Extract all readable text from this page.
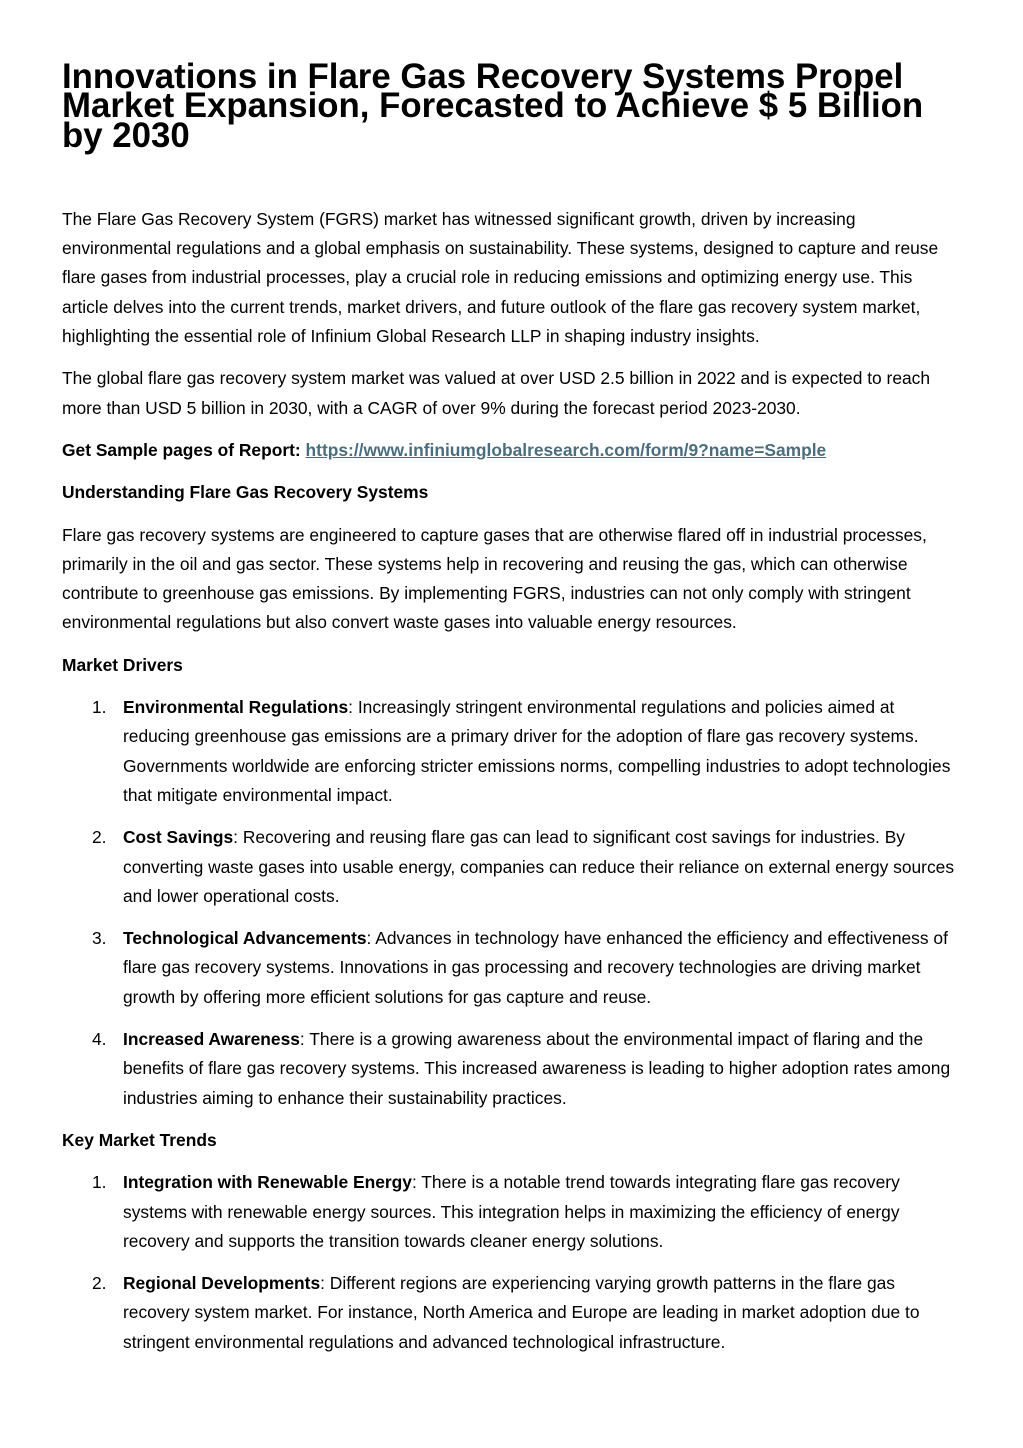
Innovations in Flare Gas Recovery Systems Propel Market Expansion, Forecasted to Achieve $ 5 Billion by 2030

The Flare Gas Recovery System (FGRS) market has witnessed significant growth, driven by increasing environmental regulations and a global emphasis on sustainability. These systems, designed to capture and reuse flare gases from industrial processes, play a crucial role in reducing emissions and optimizing energy use. This article delves into the current trends, market drivers, and future outlook of the flare gas recovery system market, highlighting the essential role of Infinium Global Research LLP in shaping industry insights.

The global flare gas recovery system market was valued at over USD 2.5 billion in 2022 and is expected to reach more than USD 5 billion in 2030, with a CAGR of over 9% during the forecast period 2023-2030.

Get Sample pages of Report: https://www.infiniumglobalresearch.com/form/9?name=Sample

Understanding Flare Gas Recovery Systems

Flare gas recovery systems are engineered to capture gases that are otherwise flared off in industrial processes, primarily in the oil and gas sector. These systems help in recovering and reusing the gas, which can otherwise contribute to greenhouse gas emissions. By implementing FGRS, industries can not only comply with stringent environmental regulations but also convert waste gases into valuable energy resources.

Market Drivers
1. Environmental Regulations: Increasingly stringent environmental regulations and policies aimed at reducing greenhouse gas emissions are a primary driver for the adoption of flare gas recovery systems. Governments worldwide are enforcing stricter emissions norms, compelling industries to adopt technologies that mitigate environmental impact.
2. Cost Savings: Recovering and reusing flare gas can lead to significant cost savings for industries. By converting waste gases into usable energy, companies can reduce their reliance on external energy sources and lower operational costs.
3. Technological Advancements: Advances in technology have enhanced the efficiency and effectiveness of flare gas recovery systems. Innovations in gas processing and recovery technologies are driving market growth by offering more efficient solutions for gas capture and reuse.
4. Increased Awareness: There is a growing awareness about the environmental impact of flaring and the benefits of flare gas recovery systems. This increased awareness is leading to higher adoption rates among industries aiming to enhance their sustainability practices.
Key Market Trends
1. Integration with Renewable Energy: There is a notable trend towards integrating flare gas recovery systems with renewable energy sources. This integration helps in maximizing the efficiency of energy recovery and supports the transition towards cleaner energy solutions.
2. Regional Developments: Different regions are experiencing varying growth patterns in the flare gas recovery system market. For instance, North America and Europe are leading in market adoption due to stringent environmental regulations and advanced technological infrastructure.
